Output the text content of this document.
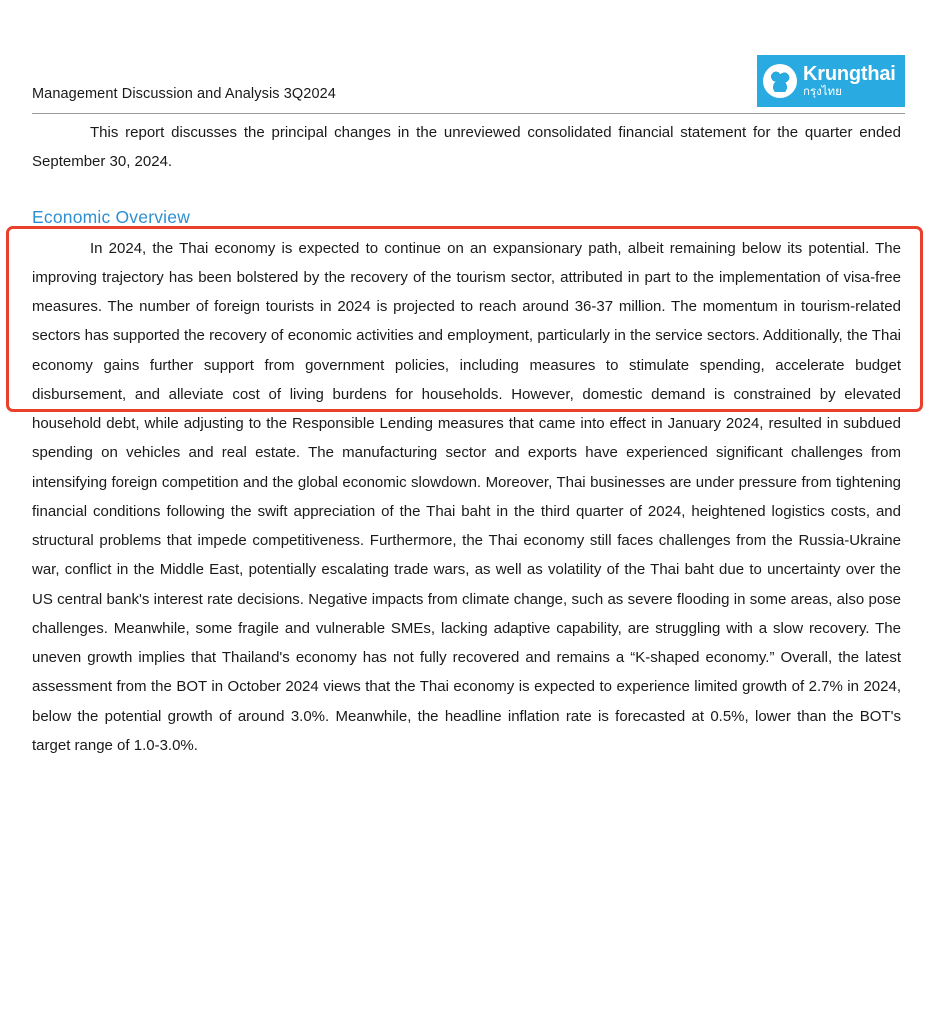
Management Discussion and Analysis 3Q2024
Krungthai
กรุงไทย

This report discusses the principal changes in the unreviewed consolidated financial statement for the quarter ended September 30, 2024.

Economic Overview

In 2024, the Thai economy is expected to continue on an expansionary path, albeit remaining below its potential. The improving trajectory has been bolstered by the recovery of the tourism sector, attributed in part to the implementation of visa-free measures. The number of foreign tourists in 2024 is projected to reach around 36-37 million. The momentum in tourism-related sectors has supported the recovery of economic activities and employment, particularly in the service sectors. Additionally, the Thai economy gains further support from government policies, including measures to stimulate spending, accelerate budget disbursement, and alleviate cost of living burdens for households. However, domestic demand is constrained by elevated household debt, while adjusting to the Responsible Lending measures that came into effect in January 2024, resulted in subdued spending on vehicles and real estate. The manufacturing sector and exports have experienced significant challenges from intensifying foreign competition and the global economic slowdown. Moreover, Thai businesses are under pressure from tightening financial conditions following the swift appreciation of the Thai baht in the third quarter of 2024, heightened logistics costs, and structural problems that impede competitiveness. Furthermore, the Thai economy still faces challenges from the Russia-Ukraine war, conflict in the Middle East, potentially escalating trade wars, as well as volatility of the Thai baht due to uncertainty over the US central bank's interest rate decisions. Negative impacts from climate change, such as severe flooding in some areas, also pose challenges. Meanwhile, some fragile and vulnerable SMEs, lacking adaptive capability, are struggling with a slow recovery. The uneven growth implies that Thailand's economy has not fully recovered and remains a “K-shaped economy.” Overall, the latest assessment from the BOT in October 2024 views that the Thai economy is expected to experience limited growth of 2.7% in 2024, below the potential growth of around 3.0%. Meanwhile, the headline inflation rate is forecasted at 0.5%, lower than the BOT's target range of 1.0-3.0%.
